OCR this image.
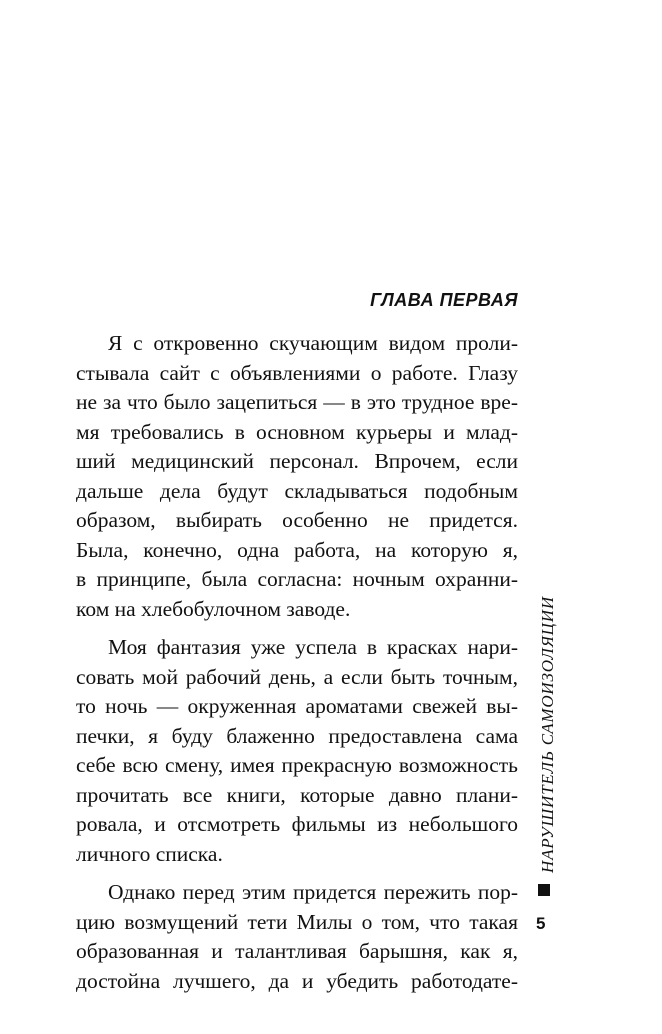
ГЛАВА ПЕРВАЯ
Я с откровенно скучающим видом проли-
стывала сайт с объявлениями о работе. Глазу
не за что было зацепиться — в это трудное вре-
мя требовались в основном курьеры и млад-
ший медицинский персонал. Впрочем, если
дальше дела будут складываться подобным
образом, выбирать особенно не придется.
Была, конечно, одна работа, на которую я,
в принципе, была согласна: ночным охранни-
ком на хлебобулочном заводе.
Моя фантазия уже успела в красках нари-
совать мой рабочий день, а если быть точным,
то ночь — окруженная ароматами свежей вы-
печки, я буду блаженно предоставлена сама
себе всю смену, имея прекрасную возможность
прочитать все книги, которые давно плани-
ровала, и отсмотреть фильмы из небольшого
личного списка.
Однако перед этим придется пережить пор-
цию возмущений тети Милы о том, что такая
образованная и талантливая барышня, как я,
достойна лучшего, да и убедить работодате-
НАРУШИТЕЛЬ САМОИЗОЛЯЦИИ
5
